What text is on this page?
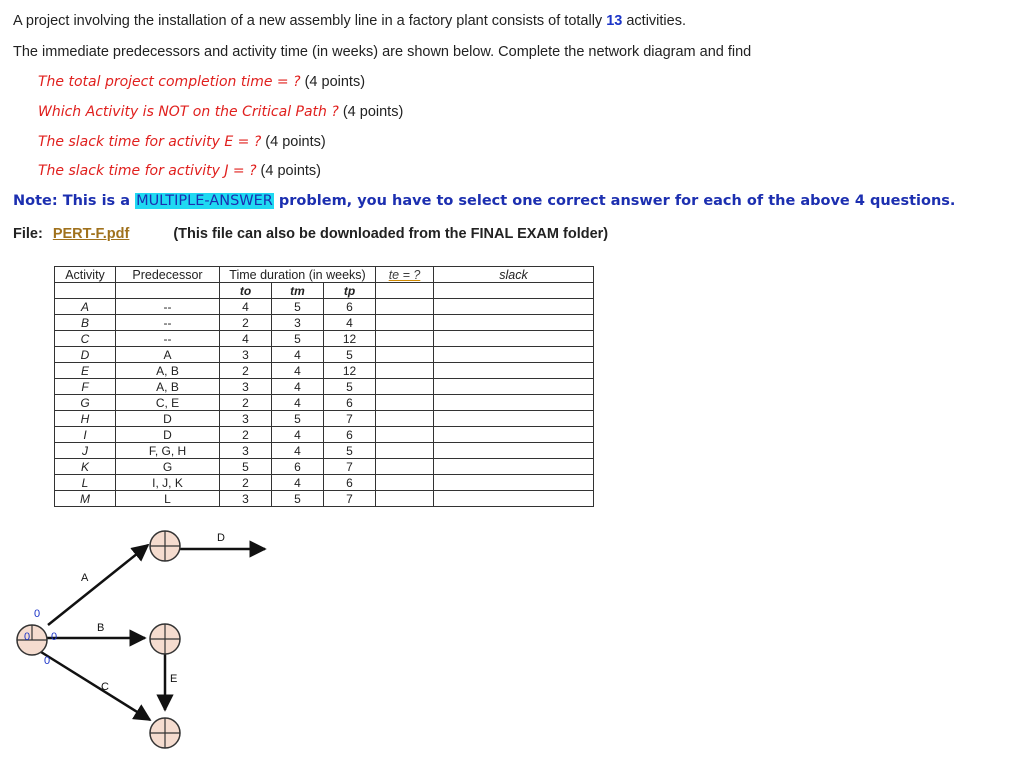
A project involving the installation of a new assembly line in a factory plant consists of totally 13 activities.
The immediate predecessors and activity time (in weeks) are shown below. Complete the network diagram and find
The total project completion time = ? (4 points)
Which Activity is NOT on the Critical Path ? (4 points)
The slack time for activity E = ? (4 points)
The slack time for activity J = ? (4 points)
Note: This is a MULTIPLE-ANSWER problem, you have to select one correct answer for each of the above 4 questions.
File: PERT-F.pdf	(This file can also be downloaded from the FINAL EXAM folder)
Activity	Predecessor	Time duration (in weeks)			te = ?	slack
		to	tm	tp		
A	--	4	5	6		
B	--	2	3	4		
C	--	4	5	12		
D	A	3	4	5		
E	A, B	2	4	12		
F	A, B	3	4	5		
G	C, E	2	4	6		
H	D	3	5	7		
I	D	2	4	6		
J	F, G, H	3	4	5		
K	G	5	6	7		
L	I, J, K	2	4	6		
M	L	3	5	7		
A
D
B
C
E
0
0 0
0
